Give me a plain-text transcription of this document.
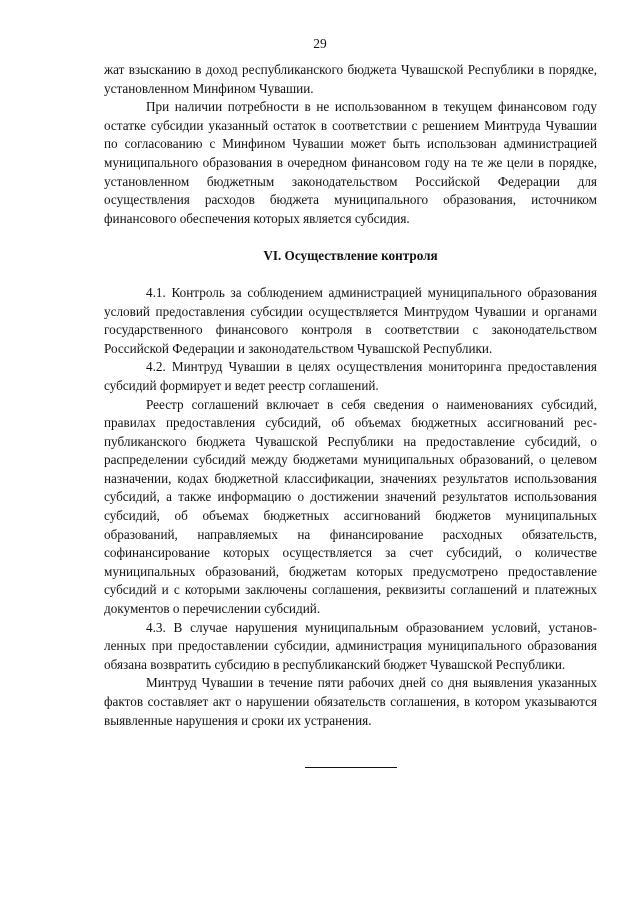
29

жат взысканию в доход республиканского бюджета Чувашской Республики в порядке, установленном Минфином Чувашии.

При наличии потребности в не использованном в текущем финансовом году остатке субсидии указанный остаток в соответствии с решением Минтруда Чувашии по согласованию с Минфином Чувашии может быть использован администрацией муниципального образования в очередном финансовом году на те же цели в порядке, установленном бюджетным законодательством Российской Федерации для осуществления расходов бюджета муниципального образования, источником финансового обеспечения которых является субсидия.

VI. Осуществление контроля

4.1. Контроль за соблюдением администрацией муниципального образования условий предоставления субсидии осуществляется Минтрудом Чувашии и органами государственного финансового контроля в соответствии с законодательством Российской Федерации и законодательством Чувашской Республики.

4.2. Минтруд Чувашии в целях осуществления мониторинга предоставления субсидий формирует и ведет реестр соглашений.

Реестр соглашений включает в себя сведения о наименованиях субсидий, правилах предоставления субсидий, об объемах бюджетных ассигнований республиканского бюджета Чувашской Республики на предоставление субсидий, о распределении субсидий между бюджетами муниципальных образований, о целевом назначении, кодах бюджетной классификации, значениях результатов использования субсидий, а также информацию о достижении значений результатов использования субсидий, об объемах бюджетных ассигнований бюджетов муниципальных образований, направляемых на финансирование расходных обязательств, софинансирование которых осуществляется за счет субсидий, о количестве муниципальных образований, бюджетам которых предусмотрено предоставление субсидий и с которыми заключены соглашения, реквизиты соглашений и платежных документов о перечислении субсидий.

4.3. В случае нарушения муниципальным образованием условий, установленных при предоставлении субсидии, администрация муниципального образования обязана возвратить субсидию в республиканский бюджет Чувашской Республики.

Минтруд Чувашии в течение пяти рабочих дней со дня выявления указанных фактов составляет акт о нарушении обязательств соглашения, в котором указываются выявленные нарушения и сроки их устранения.
